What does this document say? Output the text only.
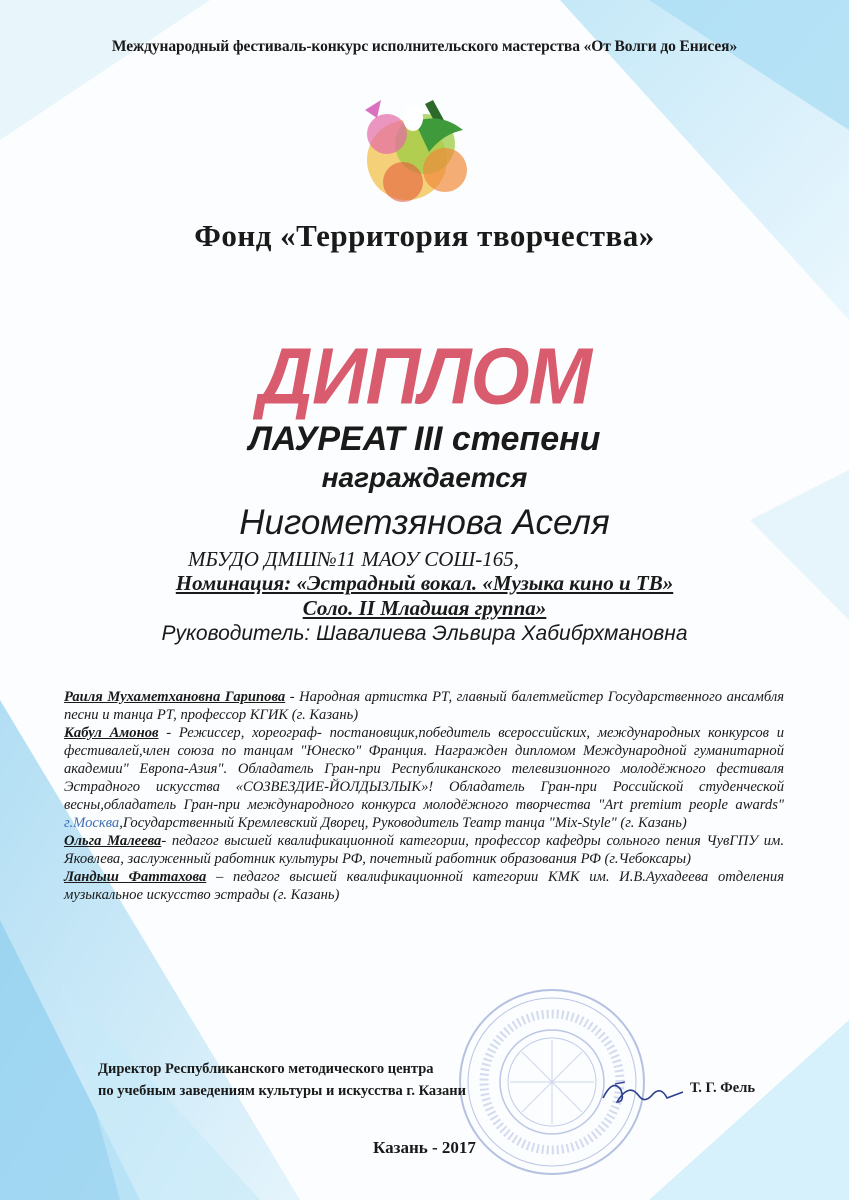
Международный фестиваль-конкурс исполнительского мастерства «От Волги до Енисея»
Фонд «Территория творчества»
ДИПЛОМ
ЛАУРЕАТ III степени
награждается
Нигометзянова Аселя
МБУДО ДМШ№11 МАОУ СОШ-165,
Номинация: «Эстрадный вокал. «Музыка кино и ТВ»
Соло. II Младшая группа»
Руководитель: Шавалиева Эльвира Хабибрхмановна

Раиля Мухаметхановна Гарипова - Народная артистка РТ, главный балетмейстер Государственного ансамбля песни и танца РТ, профессор КГИК (г. Казань)

Кабул Амонов - Режиссер, хореограф- постановщик,победитель всероссийских, международных конкурсов и фестивалей,член союза по танцам "Юнеско" Франция. Награжден дипломом Международной гуманитарной академии" Европа-Азия". Обладатель Гран-при Республиканского телевизионного молодёжного фестиваля Эстрадного искусства «СОЗВЕЗДИЕ-ЙОЛДЫЗЛЫК»! Обладатель Гран-при Российской студенческой весны,обладатель Гран-при международного конкурса молодёжного творчества "Art premium people awards" г.Москва,Государственный Кремлевский Дворец, Руководитель Театр танца "Mix-Style" (г. Казань)

Ольга Малеева- педагог высшей квалификационной категории, профессор кафедры сольного пения ЧувГПУ им. Яковлева, заслуженный работник культуры РФ, почетный работник образования РФ (г.Чебоксары)

Ландыш Фаттахова – педагог высшей квалификационной категории КМК им. И.В.Аухадеева отделения музыкальное искусство эстрады (г. Казань)

Директор Республиканского методического центра
по учебным заведениям культуры и искусства г. Казани	Т. Г. Фель
Казань - 2017
